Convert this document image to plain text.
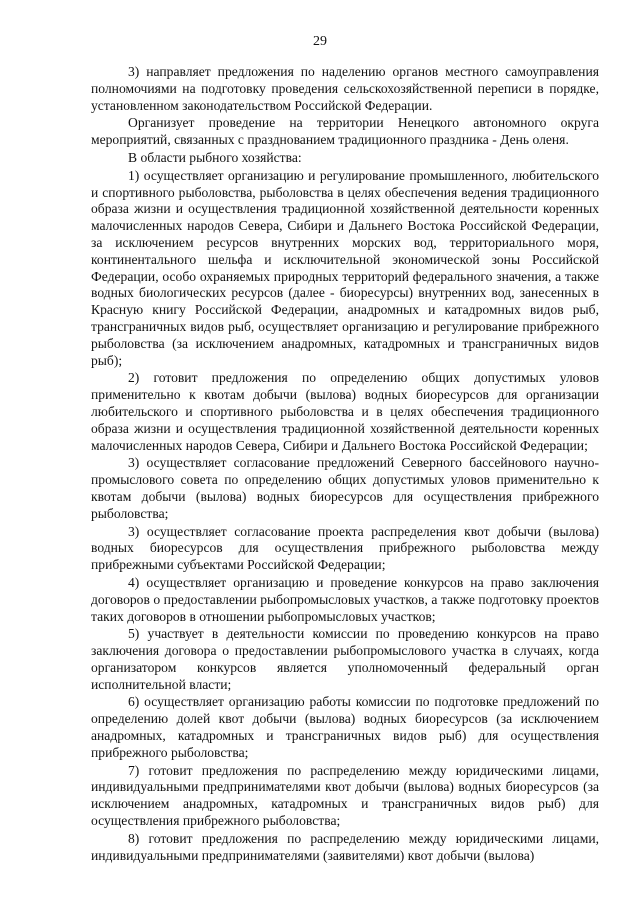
29

3) направляет предложения по наделению органов местного самоуправления полномочиями на подготовку проведения сельскохозяйственной переписи в порядке, установленном законодательством Российской Федерации.

Организует проведение на территории Ненецкого автономного округа мероприятий, связанных с празднованием традиционного праздника - День оленя.

В области рыбного хозяйства:

1) осуществляет организацию и регулирование промышленного, любительского и спортивного рыболовства, рыболовства в целях обеспечения ведения традиционного образа жизни и осуществления традиционной хозяйственной деятельности коренных малочисленных народов Севера, Сибири и Дальнего Востока Российской Федерации, за исключением ресурсов внутренних морских вод, территориального моря, континентального шельфа и исключительной экономической зоны Российской Федерации, особо охраняемых природных территорий федерального значения, а также водных биологических ресурсов (далее - биоресурсы) внутренних вод, занесенных в Красную книгу Российской Федерации, анадромных и катадромных видов рыб, трансграничных видов рыб, осуществляет организацию и регулирование прибрежного рыболовства (за исключением анадромных, катадромных и трансграничных видов рыб);

2) готовит предложения по определению общих допустимых уловов применительно к квотам добычи (вылова) водных биоресурсов для организации любительского и спортивного рыболовства и в целях обеспечения традиционного образа жизни и осуществления традиционной хозяйственной деятельности коренных малочисленных народов Севера, Сибири и Дальнего Востока Российской Федерации;

3) осуществляет согласование предложений Северного бассейнового научно-промыслового совета по определению общих допустимых уловов применительно к квотам добычи (вылова) водных биоресурсов для осуществления прибрежного рыболовства;

3) осуществляет согласование проекта распределения квот добычи (вылова) водных биоресурсов для осуществления прибрежного рыболовства между прибрежными субъектами Российской Федерации;

4) осуществляет организацию и проведение конкурсов на право заключения договоров о предоставлении рыбопромысловых участков, а также подготовку проектов таких договоров в отношении рыбопромысловых участков;

5) участвует в деятельности комиссии по проведению конкурсов на право заключения договора о предоставлении рыбопромыслового участка в случаях, когда организатором конкурсов является уполномоченный федеральный орган исполнительной власти;

6) осуществляет организацию работы комиссии по подготовке предложений по определению долей квот добычи (вылова) водных биоресурсов (за исключением анадромных, катадромных и трансграничных видов рыб) для осуществления прибрежного рыболовства;

7) готовит предложения по распределению между юридическими лицами, индивидуальными предпринимателями квот добычи (вылова) водных биоресурсов (за исключением анадромных, катадромных и трансграничных видов рыб) для осуществления прибрежного рыболовства;

8) готовит предложения по распределению между юридическими лицами, индивидуальными предпринимателями (заявителями) квот добычи (вылова)
